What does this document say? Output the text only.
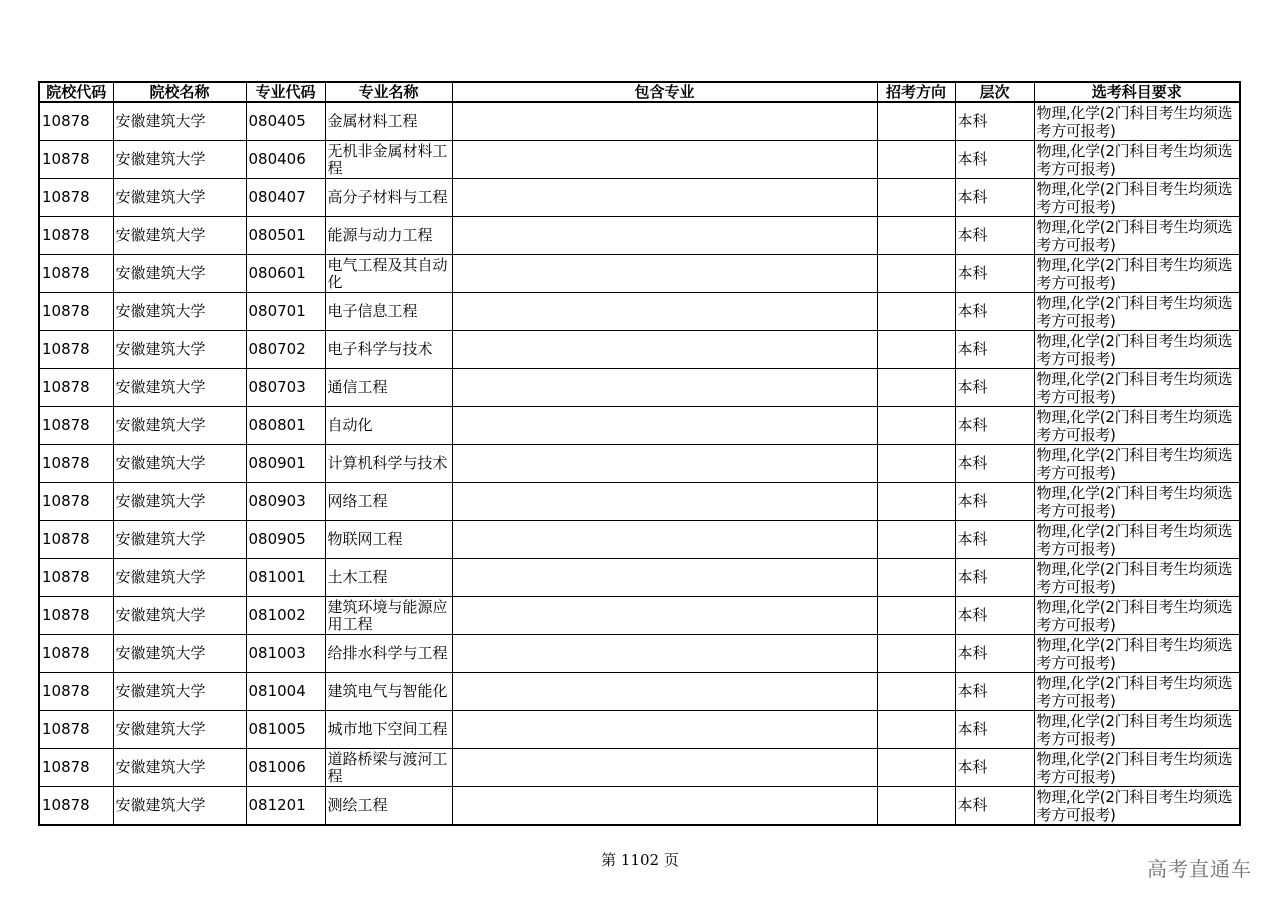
院校代码	院校名称	专业代码	专业名称	包含专业	招考方向	层次	选考科目要求
10878	安徽建筑大学	080405	金属材料工程			本科	物理,化学(2门科目考生均须选考方可报考)
10878	安徽建筑大学	080406	无机非金属材料工程			本科	物理,化学(2门科目考生均须选考方可报考)
10878	安徽建筑大学	080407	高分子材料与工程			本科	物理,化学(2门科目考生均须选考方可报考)
10878	安徽建筑大学	080501	能源与动力工程			本科	物理,化学(2门科目考生均须选考方可报考)
10878	安徽建筑大学	080601	电气工程及其自动化			本科	物理,化学(2门科目考生均须选考方可报考)
10878	安徽建筑大学	080701	电子信息工程			本科	物理,化学(2门科目考生均须选考方可报考)
10878	安徽建筑大学	080702	电子科学与技术			本科	物理,化学(2门科目考生均须选考方可报考)
10878	安徽建筑大学	080703	通信工程			本科	物理,化学(2门科目考生均须选考方可报考)
10878	安徽建筑大学	080801	自动化			本科	物理,化学(2门科目考生均须选考方可报考)
10878	安徽建筑大学	080901	计算机科学与技术			本科	物理,化学(2门科目考生均须选考方可报考)
10878	安徽建筑大学	080903	网络工程			本科	物理,化学(2门科目考生均须选考方可报考)
10878	安徽建筑大学	080905	物联网工程			本科	物理,化学(2门科目考生均须选考方可报考)
10878	安徽建筑大学	081001	土木工程			本科	物理,化学(2门科目考生均须选考方可报考)
10878	安徽建筑大学	081002	建筑环境与能源应用工程			本科	物理,化学(2门科目考生均须选考方可报考)
10878	安徽建筑大学	081003	给排水科学与工程			本科	物理,化学(2门科目考生均须选考方可报考)
10878	安徽建筑大学	081004	建筑电气与智能化			本科	物理,化学(2门科目考生均须选考方可报考)
10878	安徽建筑大学	081005	城市地下空间工程			本科	物理,化学(2门科目考生均须选考方可报考)
10878	安徽建筑大学	081006	道路桥梁与渡河工程			本科	物理,化学(2门科目考生均须选考方可报考)
10878	安徽建筑大学	081201	测绘工程			本科	物理,化学(2门科目考生均须选考方可报考)
第 1102 页	高考直通车
